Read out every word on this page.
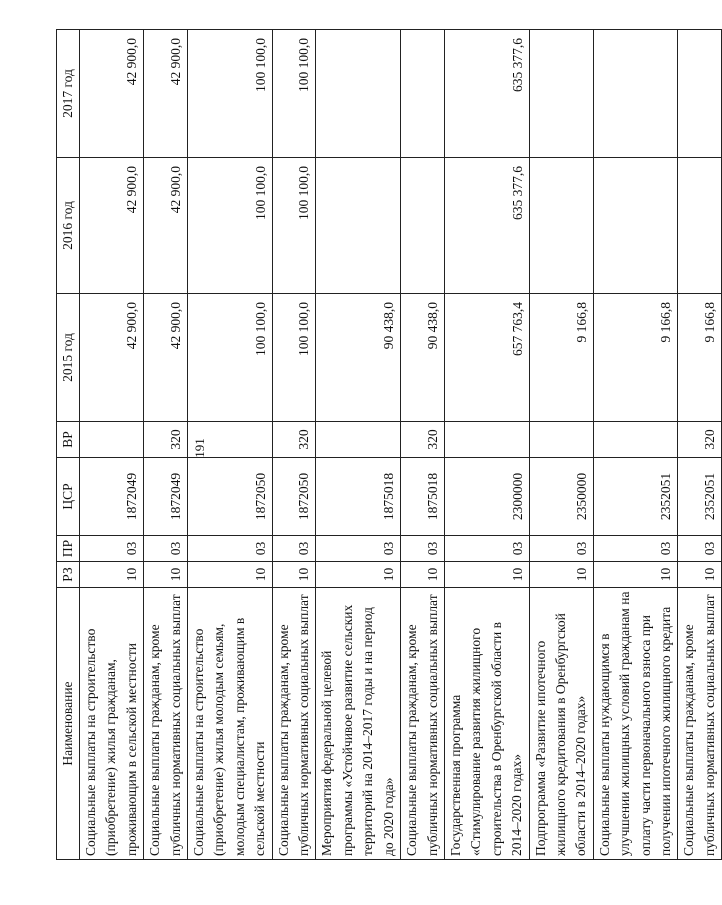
191
Наименование	РЗ	ПР	ЦСР	ВР	2015 год	2016 год	2017 год
Социальные выплаты на строительство (приобретение) жилья гражданам, проживающим в сельской местности	10	03	1872049		42 900,0	42 900,0	42 900,0
Социальные выплаты гражданам, кроме публичных нормативных социальных выплат	10	03	1872049	320	42 900,0	42 900,0	42 900,0
Социальные выплаты на строительство (приобретение) жилья молодым семьям, молодым специалистам, проживающим в сельской местности	10	03	1872050		100 100,0	100 100,0	100 100,0
Социальные выплаты гражданам, кроме публичных нормативных социальных выплат	10	03	1872050	320	100 100,0	100 100,0	100 100,0
Мероприятия федеральной целевой программы «Устойчивое развитие сельских территорий на 2014–2017 годы и на период до 2020 года»	10	03	1875018		90 438,0		
Социальные выплаты гражданам, кроме публичных нормативных социальных выплат	10	03	1875018	320	90 438,0		
Государственная программа «Стимулирование развития жилищного строительства в Оренбургской области в 2014–2020 годах»	10	03	2300000		657 763,4	635 377,6	635 377,6
Подпрограмма «Развитие ипотечного жилищного кредитования в Оренбургской области в 2014–2020 годах»	10	03	2350000		9 166,8		
Социальные выплаты нуждающимся в улучшении жилищных условий гражданам на оплату части первоначального взноса при получении ипотечного жилищного кредита	10	03	2352051		9 166,8		
Социальные выплаты гражданам, кроме публичных нормативных социальных выплат	10	03	2352051	320	9 166,8		
